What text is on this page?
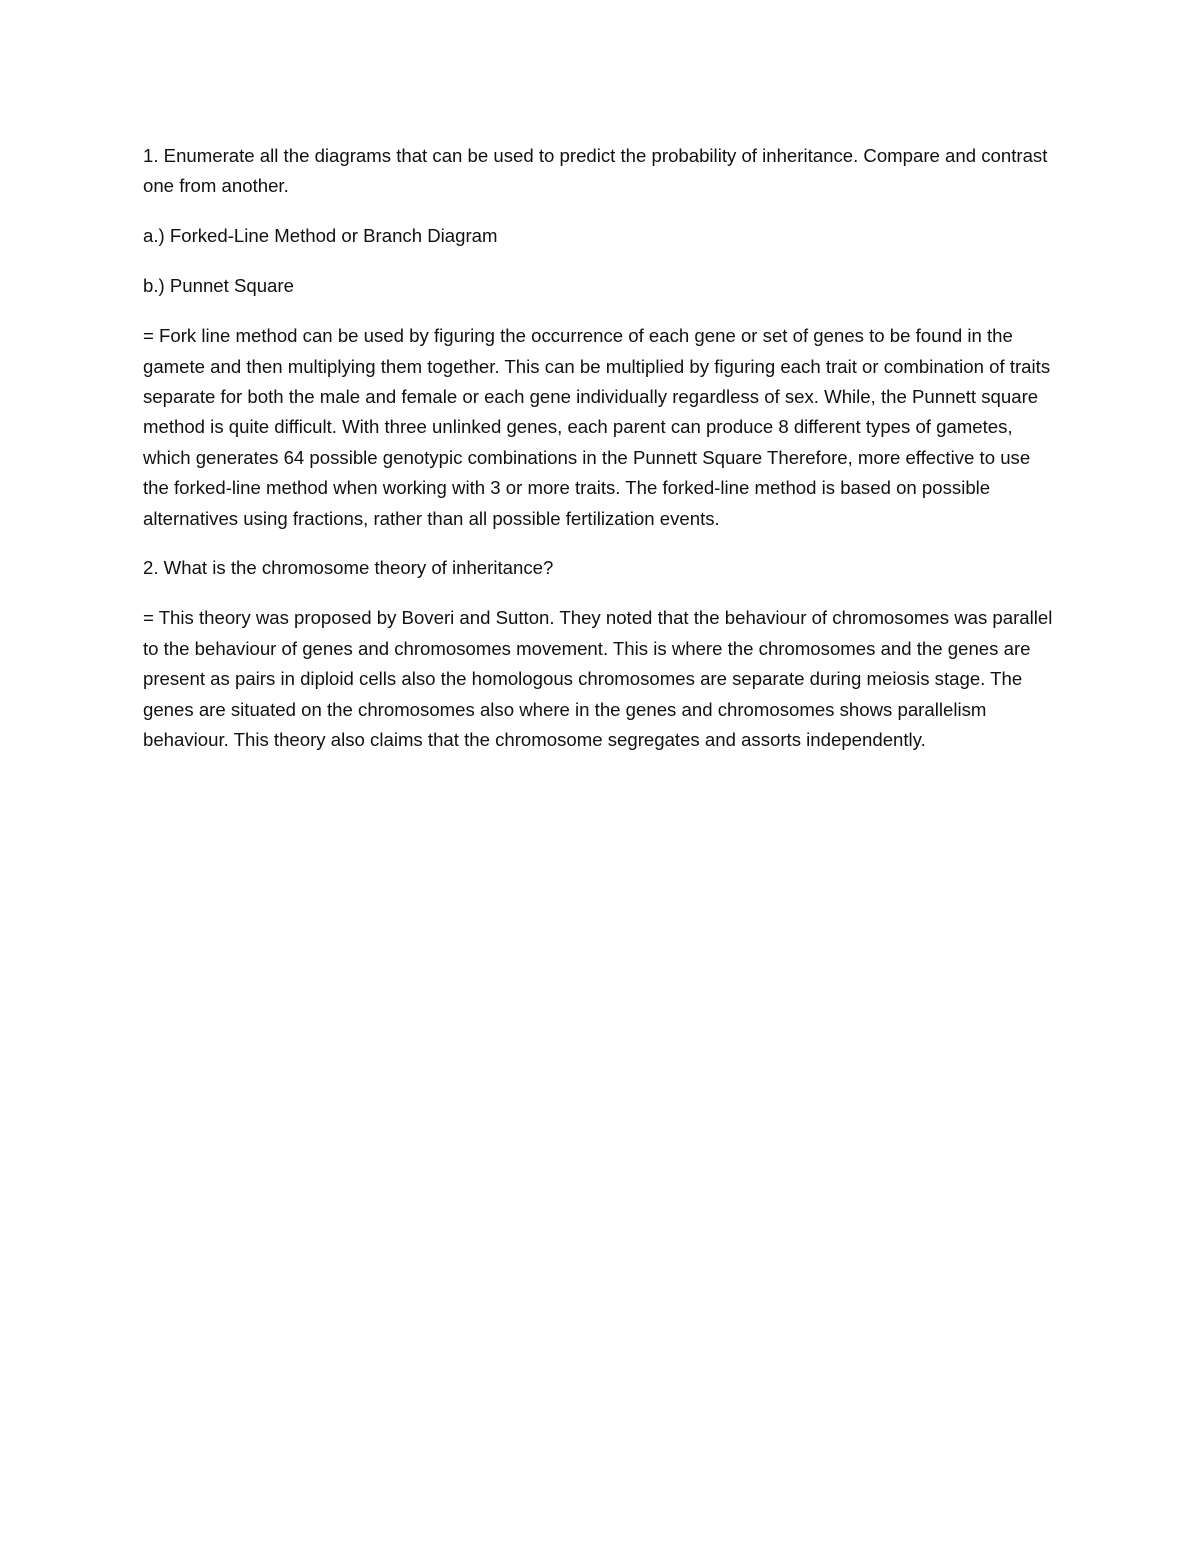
1. Enumerate all the diagrams that can be used to predict the probability of inheritance. Compare and contrast one from another.

a.) Forked-Line Method or Branch Diagram

b.) Punnet Square

= Fork line method can be used by figuring the occurrence of each gene or set of genes to be found in the gamete and then multiplying them together. This can be multiplied by figuring each trait or combination of traits separate for both the male and female or each gene individually regardless of sex. While, the Punnett square method is quite difficult. With three unlinked genes, each parent can produce 8 different types of gametes, which generates 64 possible genotypic combinations in the Punnett Square Therefore, more effective to use the forked-line method when working with 3 or more traits. The forked-line method is based on possible alternatives using fractions, rather than all possible fertilization events.

2. What is the chromosome theory of inheritance?

= This theory was proposed by Boveri and Sutton. They noted that the behaviour of chromosomes was parallel to the behaviour of genes and chromosomes movement. This is where the chromosomes and the genes are present as pairs in diploid cells also the homologous chromosomes are separate during meiosis stage. The genes are situated on the chromosomes also where in the genes and chromosomes shows parallelism behaviour. This theory also claims that the chromosome segregates and assorts independently.
